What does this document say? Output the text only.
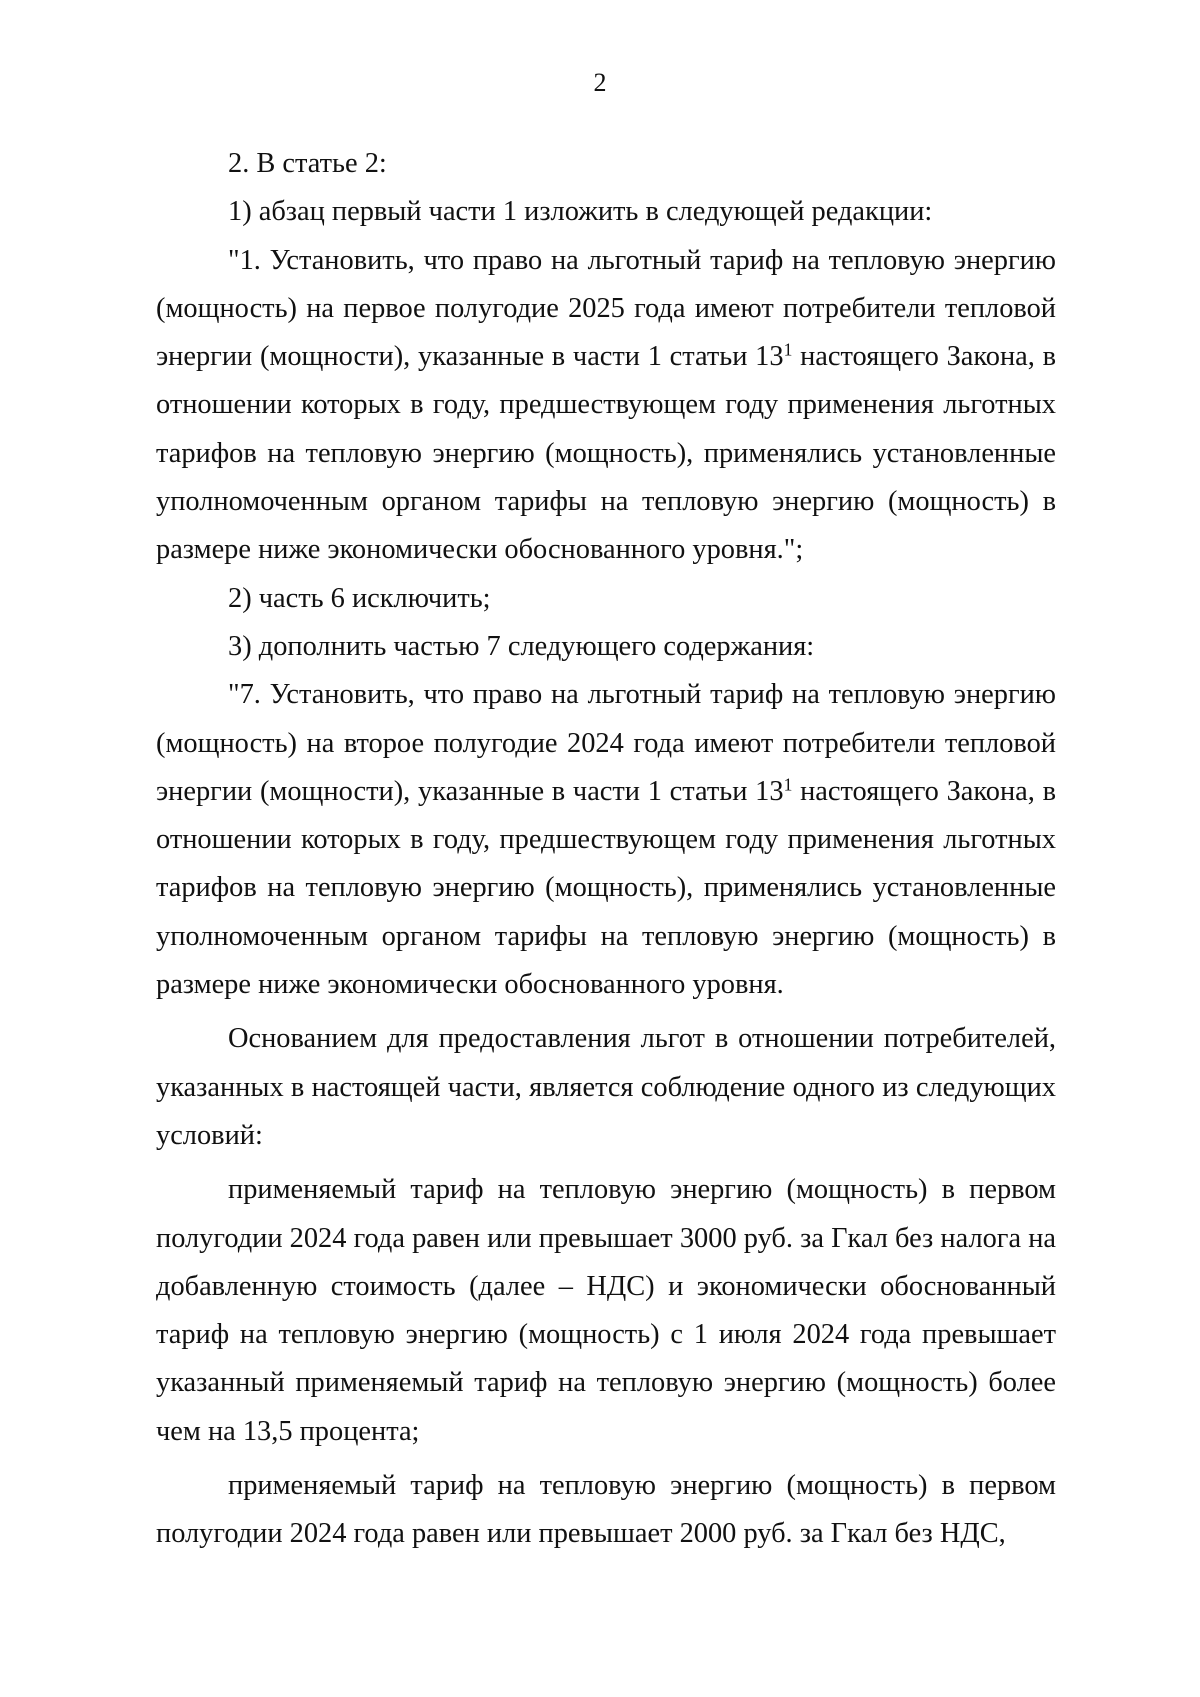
2

2. В статье 2:

1) абзац первый части 1 изложить в следующей редакции:

"1. Установить, что право на льготный тариф на тепловую энергию (мощность) на первое полугодие 2025 года имеют потребители тепловой энергии (мощности), указанные в части 1 статьи $13^1$ настоящего Закона, в отношении которых в году, предшествующем году применения льготных тарифов на тепловую энергию (мощность), применялись установленные уполномоченным органом тарифы на тепловую энергию (мощность) в размере ниже экономически обоснованного уровня.";

2) часть 6 исключить;

3) дополнить частью 7 следующего содержания:

"7. Установить, что право на льготный тариф на тепловую энергию (мощность) на второе полугодие 2024 года имеют потребители тепловой энергии (мощности), указанные в части 1 статьи $13^1$ настоящего Закона, в отношении которых в году, предшествующем году применения льготных тарифов на тепловую энергию (мощность), применялись установленные уполномоченным органом тарифы на тепловую энергию (мощность) в размере ниже экономически обоснованного уровня.

Основанием для предоставления льгот в отношении потребителей, указанных в настоящей части, является соблюдение одного из следующих условий:

применяемый тариф на тепловую энергию (мощность) в первом полугодии 2024 года равен или превышает 3000 руб. за Гкал без налога на добавленную стоимость (далее – НДС) и экономически обоснованный тариф на тепловую энергию (мощность) с 1 июля 2024 года превышает указанный применяемый тариф на тепловую энергию (мощность) более чем на 13,5 процента;

применяемый тариф на тепловую энергию (мощность) в первом полугодии 2024 года равен или превышает 2000 руб. за Гкал без НДС,
